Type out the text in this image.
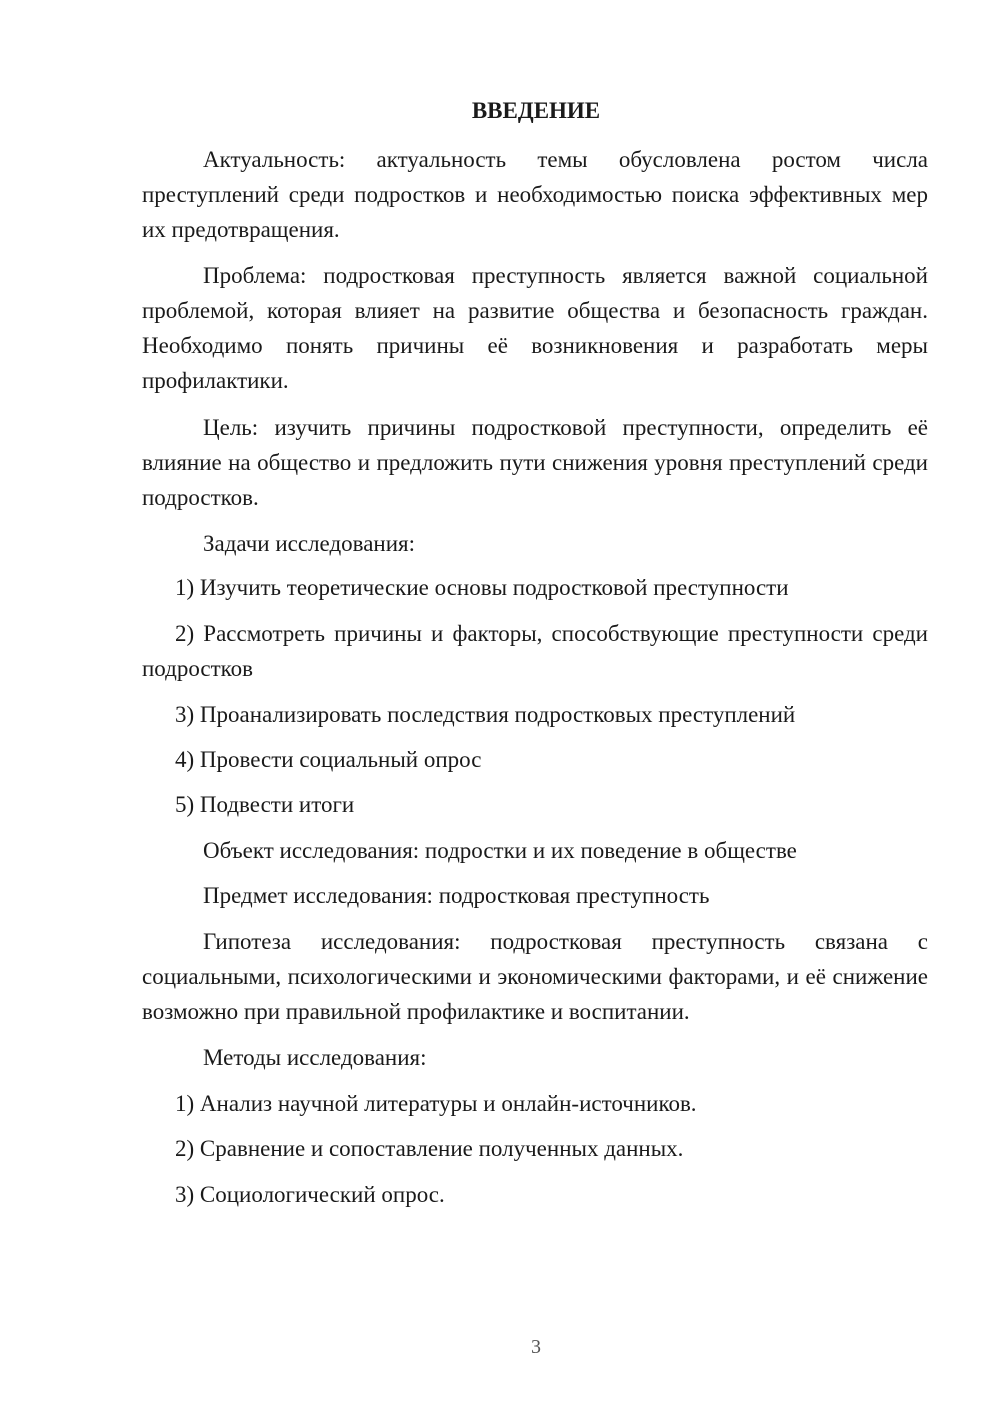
ВВЕДЕНИЕ

Актуальность: актуальность темы обусловлена ростом числа преступлений среди подростков и необходимостью поиска эффективных мер их предотвращения.

Проблема: подростковая преступность является важной социальной проблемой, которая влияет на развитие общества и безопасность граждан. Необходимо понять причины её возникновения и разработать меры профилактики.

Цель: изучить причины подростковой преступности, определить её влияние на общество и предложить пути снижения уровня преступлений среди подростков.

Задачи исследования:

1) Изучить теоретические основы подростковой преступности

2) Рассмотреть причины и факторы, способствующие преступности среди подростков

3) Проанализировать последствия подростковых преступлений

4) Провести социальный опрос

5) Подвести итоги

Объект исследования: подростки и их поведение в обществе

Предмет исследования: подростковая преступность

Гипотеза исследования: подростковая преступность связана с социальными, психологическими и экономическими факторами, и её снижение возможно при правильной профилактике и воспитании.

Методы исследования:

1) Анализ научной литературы и онлайн-источников.

2) Сравнение и сопоставление полученных данных.

3) Социологический опрос.

3
